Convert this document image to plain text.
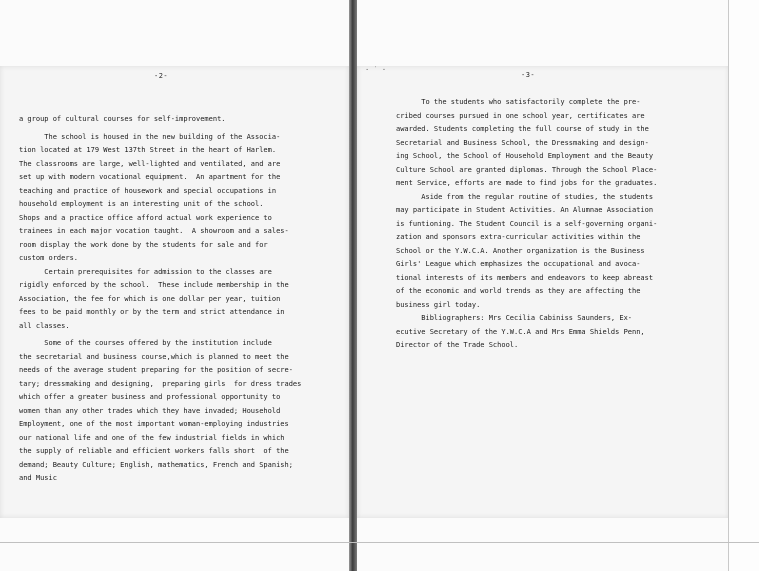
· ˙ ·
-2-	-3-
a group of cultural courses for self-improvement.
The school is housed in the new building of the Associa-
tion located at 179 West 137th Street in the heart of Harlem.
The classrooms are large, well-lighted and ventilated, and are
set up with modern vocational equipment.  An apartment for the
teaching and practice of housework and special occupations in
household employment is an interesting unit of the school.
Shops and a practice office afford actual work experience to
trainees in each major vocation taught.  A showroom and a sales-
room display the work done by the students for sale and for
custom orders.
Certain prerequisites for admission to the classes are
rigidly enforced by the school.  These include membership in the
Association, the fee for which is one dollar per year, tuition
fees to be paid monthly or by the term and strict attendance in
all classes.
Some of the courses offered by the institution include
the secretarial and business course,which is planned to meet the
needs of the average student preparing for the position of secre-
tary; dressmaking and designing,  preparing girls  for dress trades
which offer a greater business and professional opportunity to
women than any other trades which they have invaded; Household
Employment, one of the most important woman-employing industries
our national life and one of the few industrial fields in which
the supply of reliable and efficient workers falls short  of the
demand; Beauty Culture; English, mathematics, French and Spanish;
and Music
To the students who satisfactorily complete the pre-
cribed courses pursued in one school year, certificates are
awarded. Students completing the full course of study in the
Secretarial and Business School, the Dressmaking and design-
ing School, the School of Household Employment and the Beauty
Culture School are granted diplomas. Through the School Place-
ment Service, efforts are made to find jobs for the graduates.
Aside from the regular routine of studies, the students
may participate in Student Activities. An Alumnae Association
is funtioning. The Student Council is a self-governing organi-
zation and sponsors extra-curricular activities within the
School or the Y.W.C.A. Another organization is the Business
Girls' League which emphasizes the occupational and avoca-
tional interests of its members and endeavors to keep abreast
of the economic and world trends as they are affecting the
business girl today.
Bibliographers: Mrs Cecilia Cabiniss Saunders, Ex-
ecutive Secretary of the Y.W.C.A and Mrs Emma Shields Penn,
Director of the Trade School.
